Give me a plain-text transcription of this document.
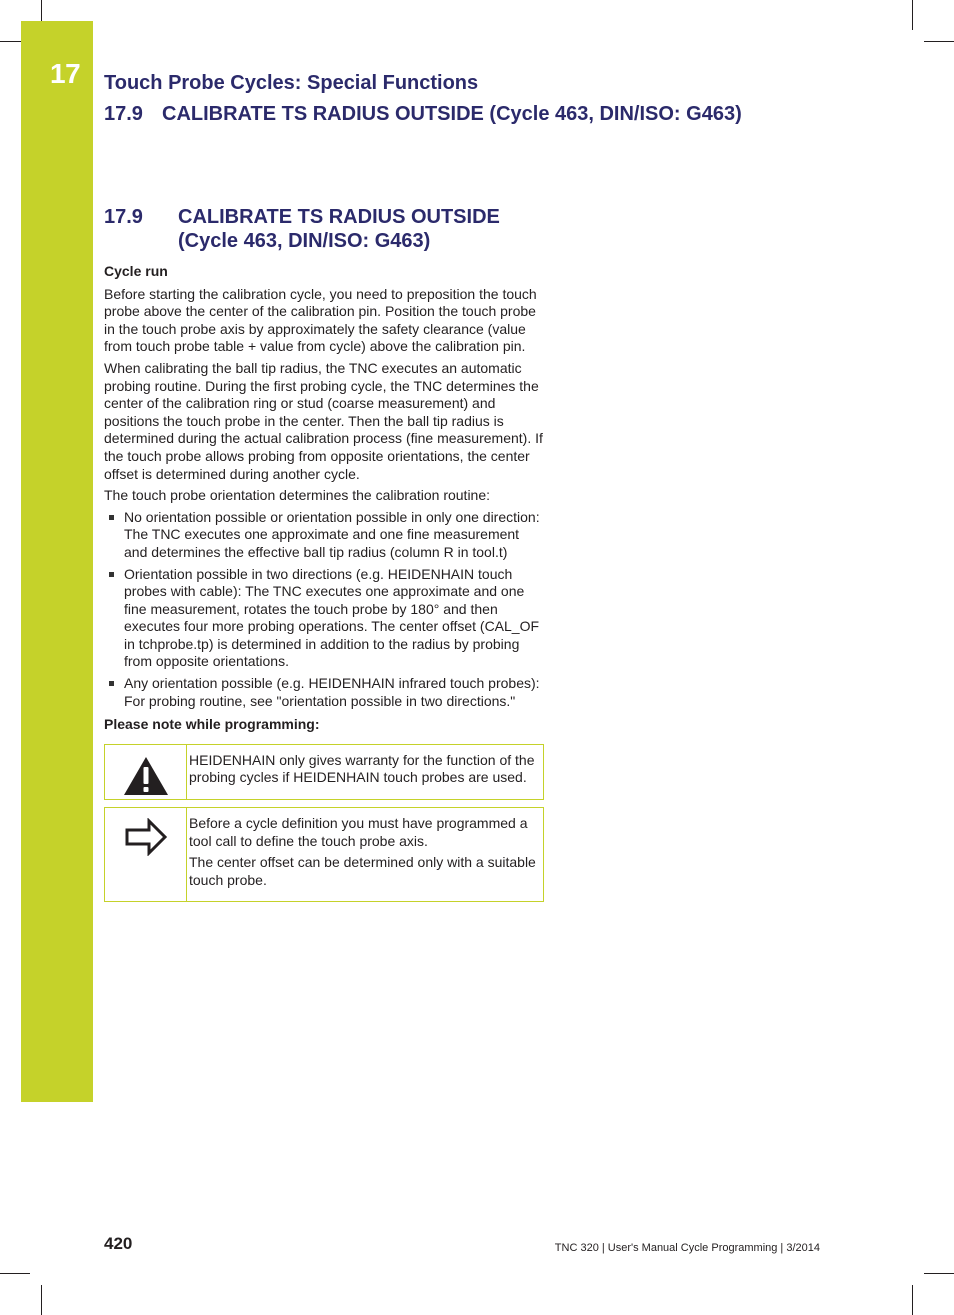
17 Touch Probe Cycles: Special Functions
17.9 CALIBRATE TS RADIUS OUTSIDE (Cycle 463, DIN/ISO: G463)
17.9	CALIBRATE TS RADIUS OUTSIDE
(Cycle 463, DIN/ISO: G463)
Cycle run

Before starting the calibration cycle, you need to preposition the touch probe above the center of the calibration pin. Position the touch probe in the touch probe axis by approximately the safety clearance (value from touch probe table + value from cycle) above the calibration pin.

When calibrating the ball tip radius, the TNC executes an automatic probing routine. During the first probing cycle, the TNC determines the center of the calibration ring or stud (coarse measurement) and positions the touch probe in the center. Then the ball tip radius is determined during the actual calibration process (fine measurement). If the touch probe allows probing from opposite orientations, the center offset is determined during another cycle.

The touch probe orientation determines the calibration routine:

No orientation possible or orientation possible in only one direction: The TNC executes one approximate and one fine measurement and determines the effective ball tip radius (column R in tool.t)
Orientation possible in two directions (e.g. HEIDENHAIN touch probes with cable): The TNC executes one approximate and one fine measurement, rotates the touch probe by 180° and then executes four more probing operations. The center offset (CAL_OF in tchprobe.tp) is determined in addition to the radius by probing from opposite orientations.
Any orientation possible (e.g. HEIDENHAIN infrared touch probes): For probing routine, see "orientation possible in two directions."
Please note while programming:

HEIDENHAIN only gives warranty for the function of the probing cycles if HEIDENHAIN touch probes are used.

Before a cycle definition you must have programmed a tool call to define the touch probe axis.

The center offset can be determined only with a suitable touch probe.

420	TNC 320 | User's Manual Cycle Programming | 3/2014
